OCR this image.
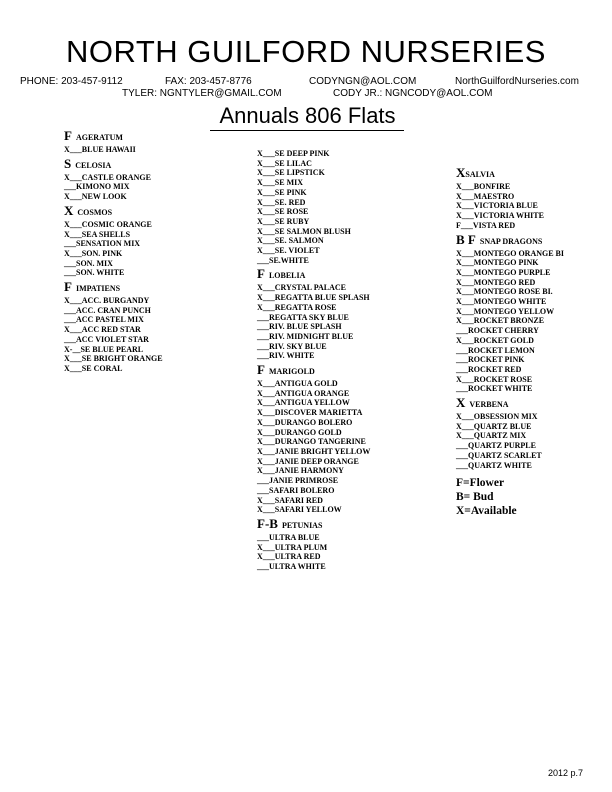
NORTH GUILFORD NURSERIES
PHONE: 203-457-9112	FAX: 203-457-8776	CODYNGN@AOL.COM	NorthGuilfordNurseries.com
TYLER: NGNTYLER@GMAIL.COM	CODY JR.: NGNCODY@AOL.COM
Annuals 806 Flats
F AGERATUM
X___BLUE HAWAII
S CELOSIA
X___CASTLE ORANGE
___KIMONO MIX
X___NEW LOOK
X COSMOS
X___COSMIC ORANGE
X___SEA SHELLS
___SENSATION MIX
X___SON. PINK
___SON. MIX
___SON. WHITE
F IMPATIENS
X___ACC. BURGANDY
___ACC. CRAN PUNCH
___ACC PASTEL MIX
X___ACC RED STAR
___ACC VIOLET STAR
X-__SE BLUE PEARL
X___SE BRIGHT ORANGE
X___SE CORAL
X___SE DEEP PINK
X___SE LILAC
X___SE LIPSTICK
X___SE MIX
X___SE PINK
X___SE. RED
X___SE ROSE
X___SE RUBY
X___SE SALMON BLUSH
X___SE. SALMON
X___SE. VIOLET
___SE.WHITE
F LOBELIA
X___CRYSTAL PALACE
X___REGATTA BLUE SPLASH
X___REGATTA ROSE
___REGATTA SKY BLUE
___RIV. BLUE SPLASH
___RIV. MIDNIGHT BLUE
___RIV. SKY BLUE
___RIV. WHITE
F MARIGOLD
X___ANTIGUA GOLD
X___ANTIGUA ORANGE
X___ANTIGUA YELLOW
X___DISCOVER MARIETTA
X___DURANGO BOLERO
X___DURANGO GOLD
X___DURANGO TANGERINE
X___JANIE BRIGHT YELLOW
X___JANIE DEEP ORANGE
X___JANIE HARMONY
___JANIE PRIMROSE
___SAFARI BOLERO
X___SAFARI RED
X___SAFARI YELLOW
F-B PETUNIAS
___ULTRA BLUE
X___ULTRA PLUM
X___ULTRA RED
___ULTRA WHITE
XSALVIA
X___BONFIRE
X___MAESTRO
X___VICTORIA BLUE
X___VICTORIA WHITE
F___VISTA RED
B F SNAP DRAGONS
X___MONTEGO ORANGE BI
X___MONTEGO PINK
X___MONTEGO PURPLE
X___MONTEGO RED
X___MONTEGO ROSE BI.
X___MONTEGO WHITE
X___MONTEGO YELLOW
X___ROCKET BRONZE
___ROCKET CHERRY
X___ROCKET GOLD
___ROCKET LEMON
___ROCKET PINK
___ROCKET RED
X___ROCKET ROSE
___ROCKET WHITE
X VERBENA
X___OBSESSION MIX
X___QUARTZ BLUE
X___QUARTZ MIX
___QUARTZ PURPLE
___QUARTZ SCARLET
___QUARTZ WHITE
F=Flower
B= Bud
X=Available
2012 p.7
